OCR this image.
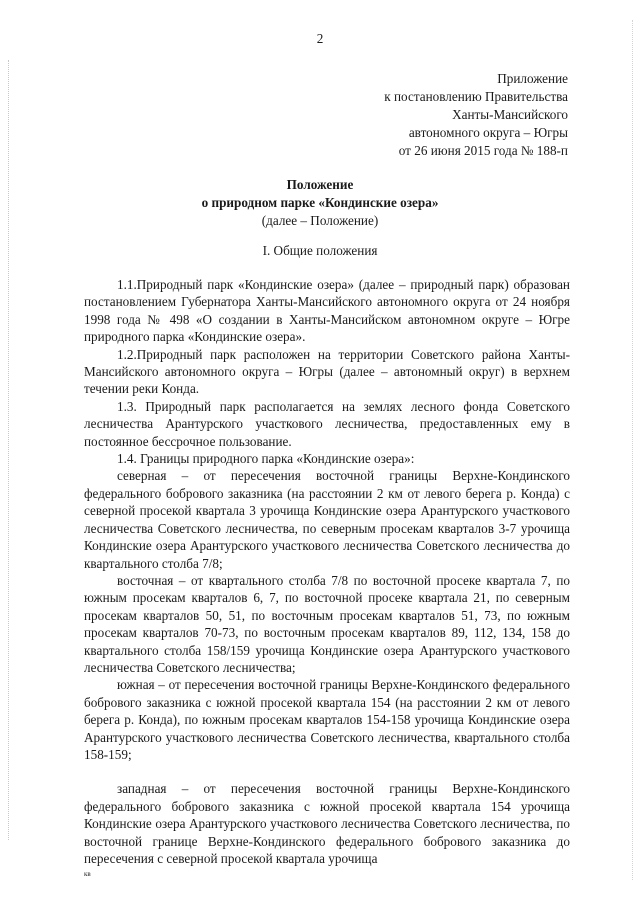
2
Приложение
к постановлению Правительства
Ханты-Мансийского
автономного округа – Югры
от 26 июня 2015 года № 188-п
Положение
о природном парке «Кондинские озера»
(далее – Положение)
I. Общие положения

1.1.Природный парк «Кондинские озера» (далее – природный парк) образован постановлением Губернатора Ханты-Мансийского автономного округа от 24 ноября 1998 года № 498 «О создании в Ханты-Мансийском автономном округе – Югре природного парка «Кондинские озера».

1.2.Природный парк расположен на территории Советского района Ханты-Мансийского автономного округа – Югры (далее – автономный округ) в верхнем течении реки Конда.

1.3. Природный парк располагается на землях лесного фонда Советского лесничества Арантурского участкового лесничества, предоставленных ему в постоянное бессрочное пользование.

1.4. Границы природного парка «Кондинские озера»:

северная – от пересечения восточной границы Верхне-Кондинского федерального бобрового заказника (на расстоянии 2 км от левого берега р. Конда) с северной просекой квартала 3 урочища Кондинские озера Арантурского участкового лесничества Советского лесничества, по северным просекам кварталов 3-7 урочища Кондинские озера Арантурского участкового лесничества Советского лесничества до квартального столба 7/8;

восточная – от квартального столба 7/8 по восточной просеке квартала 7, по южным просекам кварталов 6, 7, по восточной просеке квартала 21, по северным просекам кварталов 50, 51, по восточным просекам кварталов 51, 73, по южным просекам кварталов 70-73, по восточным просекам кварталов 89, 112, 134, 158 до квартального столба 158/159 урочища Кондинские озера Арантурского участкового лесничества Советского лесничества;

южная – от пересечения восточной границы Верхне-Кондинского федерального бобрового заказника с южной просекой квартала 154 (на расстоянии 2 км от левого берега р. Конда), по южным просекам кварталов 154-158 урочища Кондинские озера Арантурского участкового лесничества Советского лесничества, квартального столба 158-159;

западная – от пересечения восточной границы Верхне-Кондинского федерального бобрового заказника с южной просекой квартала 154 урочища Кондинские озера Арантурского участкового лесничества Советского лесничества, по восточной границе Верхне-Кондинского федерального бобрового заказника до пересечения с северной просекой квартала урочища

кв
